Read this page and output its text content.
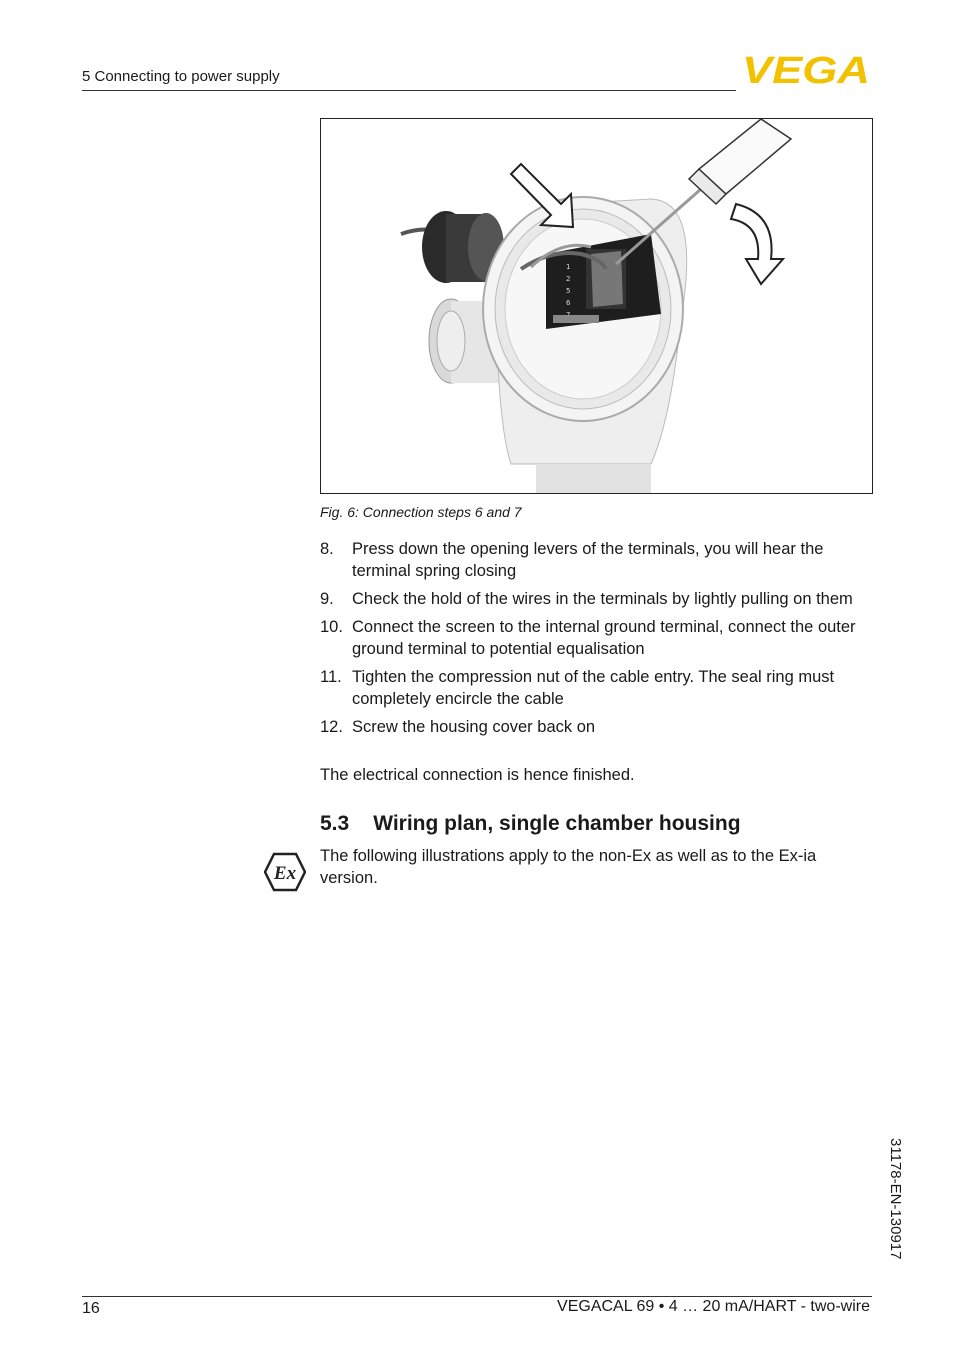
5 Connecting to power supply	VEGA
1
2
5
6
Fig. 6: Connection steps 6 and 7
8.	Press down the opening levers of the terminals, you will hear the terminal spring closing
9.	Check the hold of the wires in the terminals by lightly pulling on them
10. Connect the screen to the internal ground terminal, connect the outer ground terminal to potential equalisation
11. Tighten the compression nut of the cable entry. The seal ring must completely encircle the cable
12. Screw the housing cover back on
The electrical connection is hence finished.
5.3 Wiring plan, single chamber housing
Ex
The following illustrations apply to the non-Ex as well as to the Ex-ia version.
31178-EN-130917
16	VEGACAL 69 • 4 … 20 mA/HART - two-wire
